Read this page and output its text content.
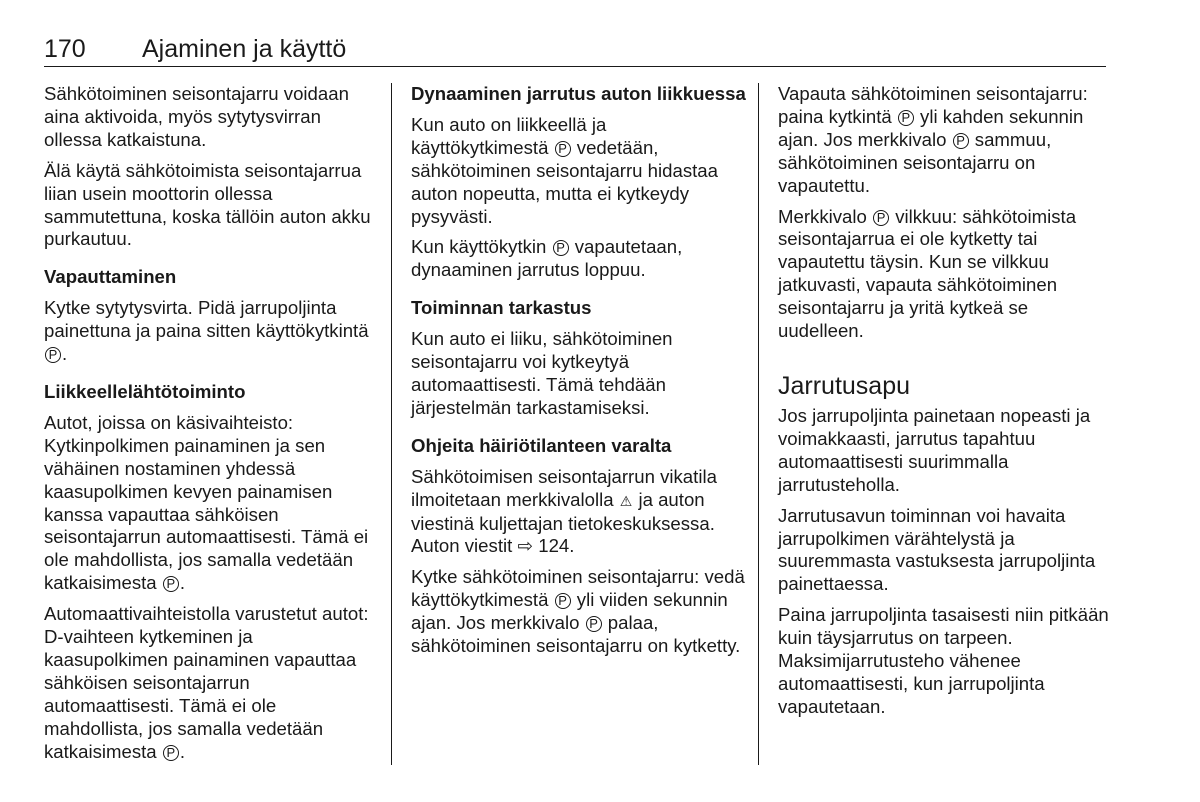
170 Ajaminen ja käyttö

Sähkötoiminen seisontajarru voidaan aina aktivoida, myös sytytysvirran ollessa katkaistuna.

Älä käytä sähkötoimista seisontajarrua liian usein moottorin ollessa sammutettuna, koska tällöin auton akku purkautuu.

Vapauttaminen

Kytke sytytysvirta. Pidä jarrupoljinta painettuna ja paina sitten käyttökytkintä P .

Liikkeellelähtötoiminto

Autot, joissa on käsivaihteisto: Kytkinpolkimen painaminen ja sen vähäinen nostaminen yhdessä kaasupolkimen kevyen painamisen kanssa vapauttaa sähköisen seisontajarrun automaattisesti. Tämä ei ole mahdollista, jos samalla vedetään katkaisimesta P .

Automaattivaihteistolla varustetut autot: D-vaihteen kytkeminen ja kaasupolkimen painaminen vapauttaa sähköisen seisontajarrun automaattisesti. Tämä ei ole mahdollista, jos samalla vedetään katkaisimesta P .

Dynaaminen jarrutus auton liikkuessa

Kun auto on liikkeellä ja käyttökytkimestä P vedetään, sähkötoiminen seisontajarru hidastaa auton nopeutta, mutta ei kytkeydy pysyvästi.

Kun käyttökytkin P vapautetaan, dynaaminen jarrutus loppuu.

Toiminnan tarkastus

Kun auto ei liiku, sähkötoiminen seisontajarru voi kytkeytyä automaattisesti. Tämä tehdään järjestelmän tarkastamiseksi.

Ohjeita häiriötilanteen varalta

Sähkötoimisen seisontajarrun vikatila ilmoitetaan merkkivalolla ⚠ ja auton viestinä kuljettajan tietokeskuksessa. Auton viestit ⇨ 124.

Kytke sähkötoiminen seisontajarru: vedä käyttökytkimestä P yli viiden sekunnin ajan. Jos merkkivalo P palaa, sähkötoiminen seisontajarru on kytketty.

Vapauta sähkötoiminen seisontajarru: paina kytkintä P yli kahden sekunnin ajan. Jos merkkivalo P sammuu, sähkötoiminen seisontajarru on vapautettu.

Merkkivalo P vilkkuu: sähkötoimista seisontajarrua ei ole kytketty tai vapautettu täysin. Kun se vilkkuu jatkuvasti, vapauta sähkötoiminen seisontajarru ja yritä kytkeä se uudelleen.

Jarrutusapu

Jos jarrupoljinta painetaan nopeasti ja voimakkaasti, jarrutus tapahtuu automaattisesti suurimmalla jarrutusteholla.

Jarrutusavun toiminnan voi havaita jarrupolkimen värähtelystä ja suuremmasta vastuksesta jarrupoljinta painettaessa.

Paina jarrupoljinta tasaisesti niin pitkään kuin täysjarrutus on tarpeen. Maksimijarrutusteho vähenee automaattisesti, kun jarrupoljinta vapautetaan.
